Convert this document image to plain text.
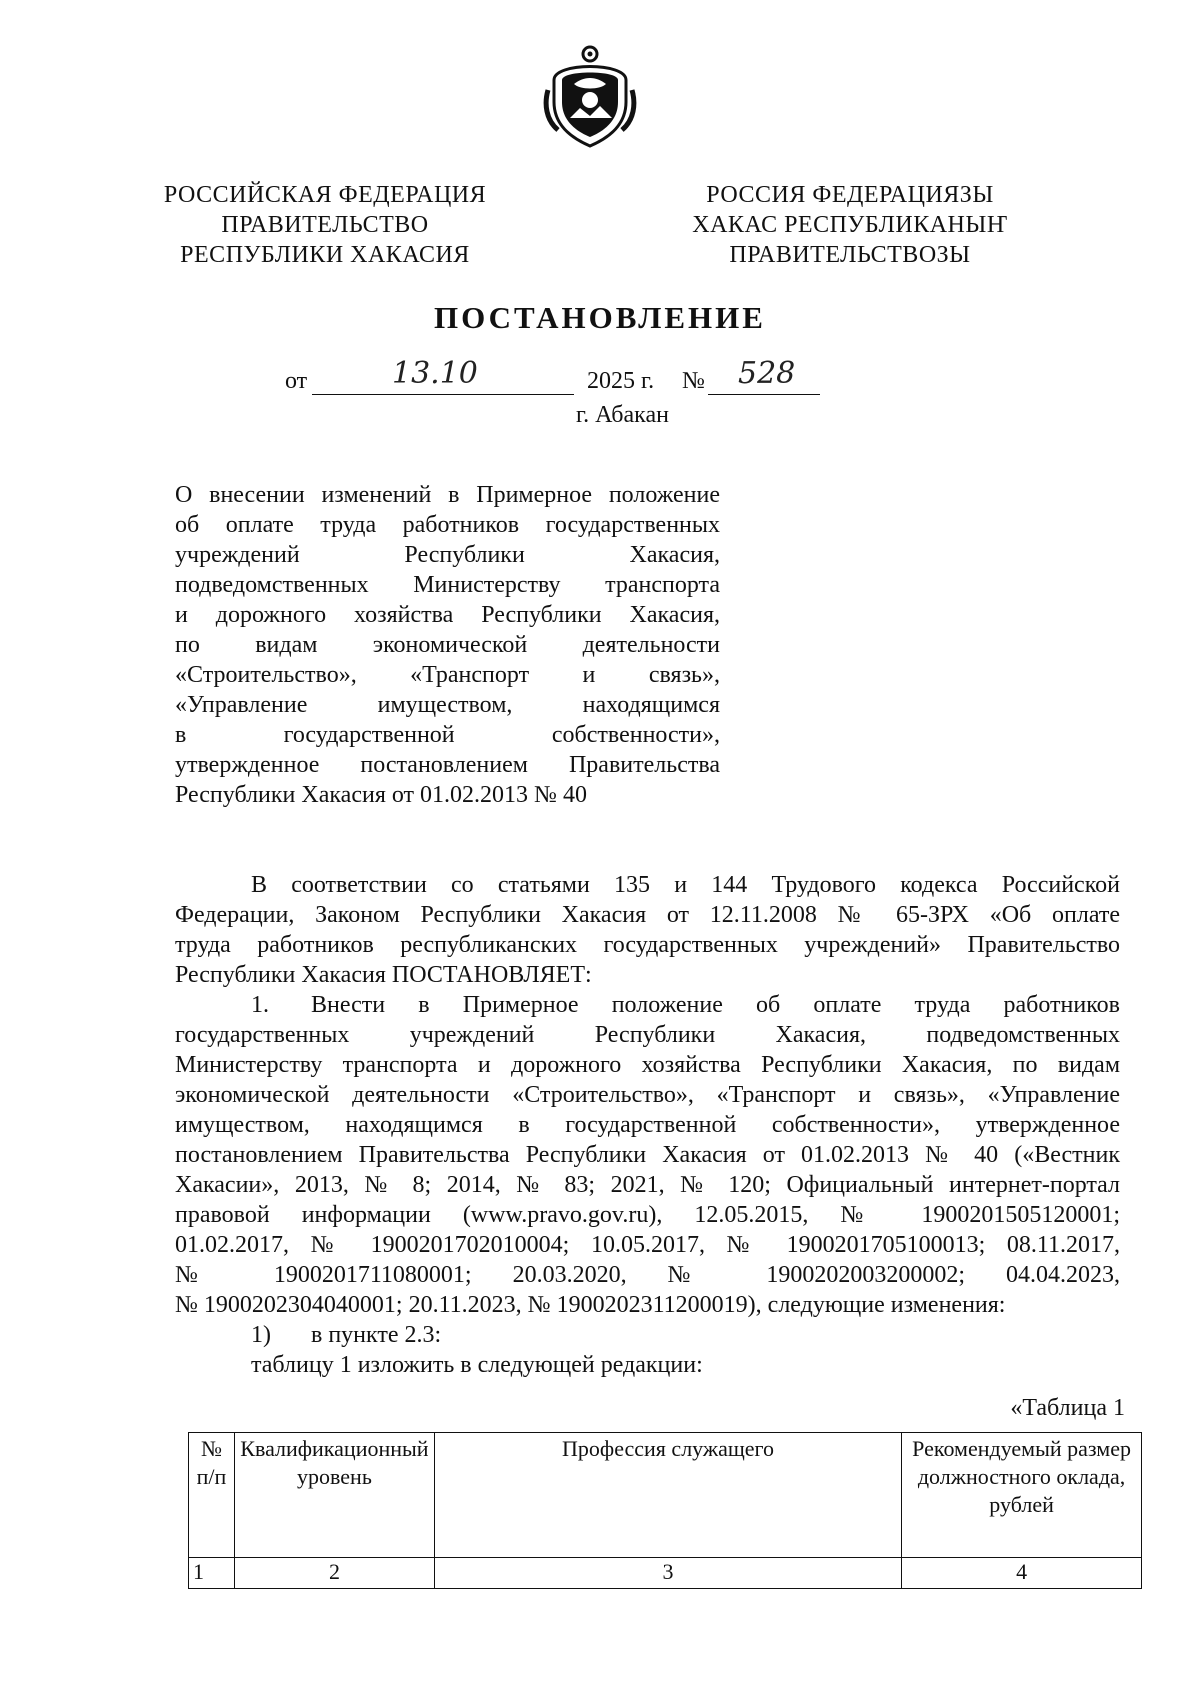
РОССИЙСКАЯ ФЕДЕРАЦИЯ
ПРАВИТЕЛЬСТВО
РЕСПУБЛИКИ ХАКАСИЯ
РОССИЯ ФЕДЕРАЦИЯЗЫ
ХАКАС РЕСПУБЛИКАНЫҤ
ПРАВИТЕЛЬСТВОЗЫ
ПОСТАНОВЛЕНИЕ
от	13.10	2025 г. № 528
г. Абакан
О внесении изменений в Примерное положение
об оплате труда работников государственных
учреждений Республики Хакасия,
подведомственных Министерству транспорта
и дорожного хозяйства Республики Хакасия,
по видам экономической деятельности
«Строительство», «Транспорт и связь»,
«Управление имуществом, находящимся
в государственной собственности»,
утвержденное постановлением Правительства
Республики Хакасия от 01.02.2013 № 40
В соответствии со статьями 135 и 144 Трудового кодекса Российской
Федерации, Законом Республики Хакасия от 12.11.2008 № 65-ЗРХ «Об оплате
труда работников республиканских государственных учреждений» Правительство
Республики Хакасия ПОСТАНОВЛЯЕТ:
1. Внести в Примерное положение об оплате труда работников
государственных учреждений Республики Хакасия, подведомственных
Министерству транспорта и дорожного хозяйства Республики Хакасия, по видам
экономической деятельности «Строительство», «Транспорт и связь», «Управление
имуществом, находящимся в государственной собственности», утвержденное
постановлением Правительства Республики Хакасия от 01.02.2013 № 40 («Вестник
Хакасии», 2013, № 8; 2014, № 83; 2021, № 120; Официальный интернет-портал
правовой информации (www.pravo.gov.ru), 12.05.2015, № 1900201505120001;
01.02.2017, № 1900201702010004; 10.05.2017, № 1900201705100013; 08.11.2017,
№ 1900201711080001; 20.03.2020, № 1900202003200002; 04.04.2023,
№ 1900202304040001; 20.11.2023, № 1900202311200019), следующие изменения:
1) в пункте 2.3:
таблицу 1 изложить в следующей редакции:
«Таблица 1
№ п/п	Квалификационный уровень	Профессия служащего	Рекомендуемый размер должностного оклада, рублей
1	2	3	4
